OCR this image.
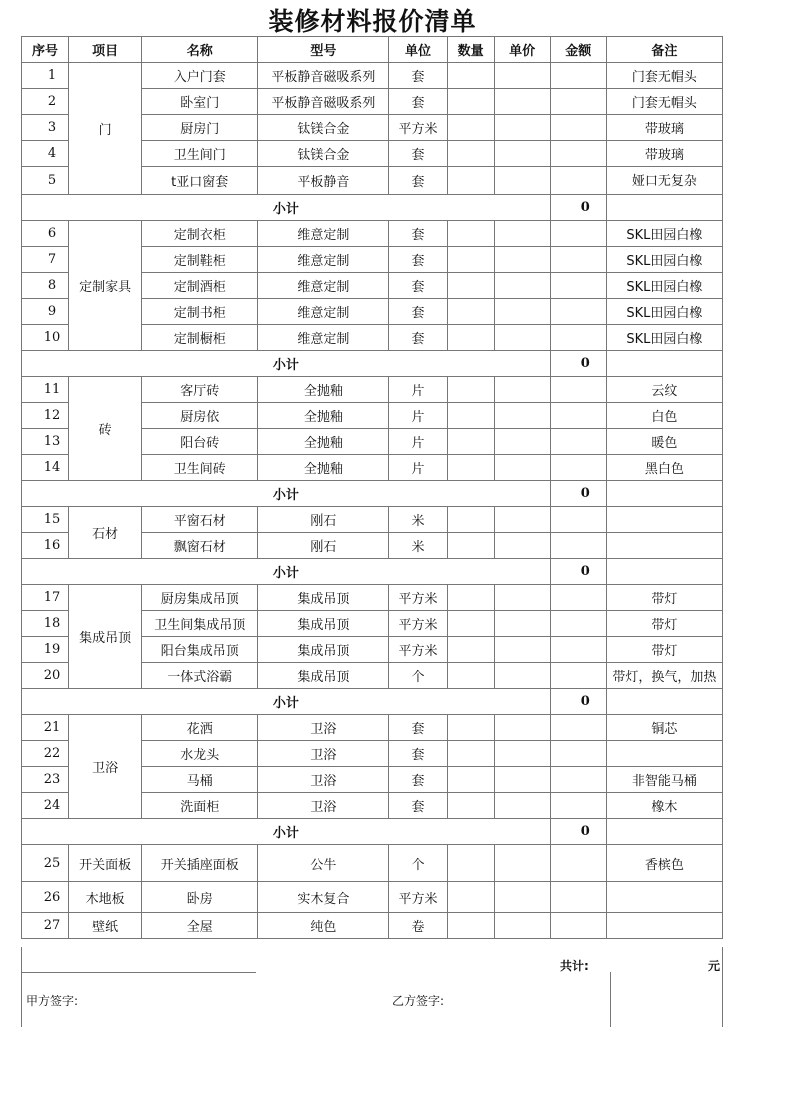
装修材料报价清单
序号	项目	名称	型号	单位	数量	单价	金额	备注
1	门	入户门套	平板静音磁吸系列	套				门套无帽头
2		卧室门	平板静音磁吸系列	套				门套无帽头
3		厨房门	钛镁合金	平方米				带玻璃
4		卫生间门	钛镁合金	套				带玻璃
5		t亚口窗套	平板静音	套				娅口无复杂
小计							0	
6	定制家具	定制衣柜	维意定制	套				SKL田园白橡
7		定制鞋柜	维意定制	套				SKL田园白橡
8		定制酒柜	维意定制	套				SKL田园白橡
9		定制书柜	维意定制	套				SKL田园白橡
10		定制橱柜	维意定制	套				SKL田园白橡
小计							0	
11	砖	客厅砖	全抛釉	片				云纹
12		厨房依	全抛釉	片				白色
13		阳台砖	全抛釉	片				暖色
14		卫生间砖	全抛釉	片				黑白色
小计							0	
15	石材	平窗石材	刚石	米				
16		飘窗石材	刚石	米				
小计							0	
17	集成吊顶	厨房集成吊顶	集成吊顶	平方米				带灯
18		卫生间集成吊顶	集成吊顶	平方米				带灯
19		阳台集成吊顶	集成吊顶	平方米				带灯
20		一体式浴霸	集成吊顶	个				带灯，换气，加热
小计							0	
21	卫浴	花洒	卫浴	套				铜芯
22		水龙头	卫浴	套				
23		马桶	卫浴	套				非智能马桶
24		洗面柜	卫浴	套				橡木
小计							0	
25	开关面板	开关插座面板	公牛	个				香槟色
26	木地板	卧房	实木复合	平方米				
27	壁纸	全屋	纯色	卷				
共计:	元
甲方签字:	乙方签字:
